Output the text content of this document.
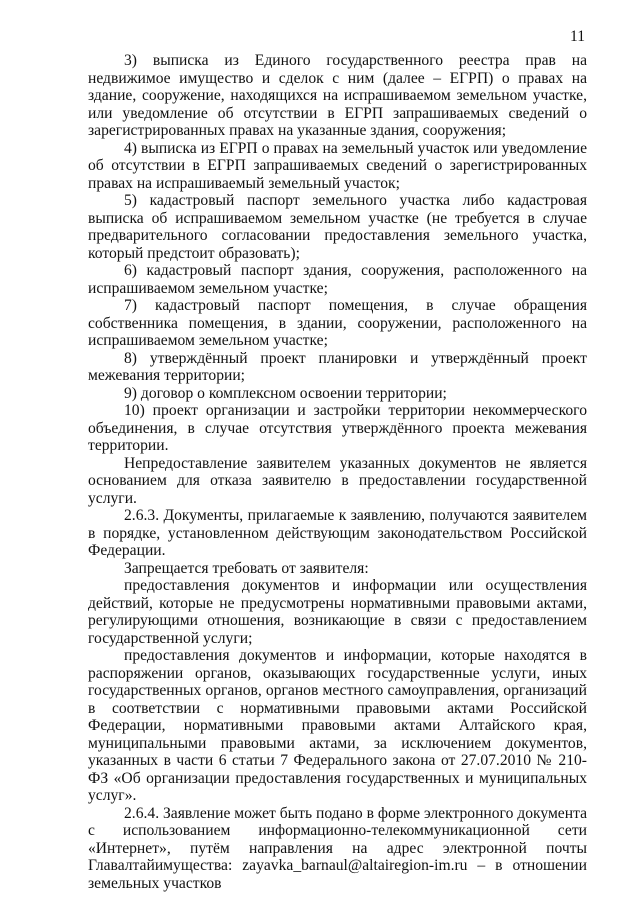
11

3) выписка из Единого государственного реестра прав на недвижимое имущество и сделок с ним (далее – ЕГРП) о правах на здание, сооружение, находящихся на испрашиваемом земельном участке, или уведомление об отсутствии в ЕГРП запрашиваемых сведений о зарегистрированных правах на указанные здания, сооружения;

4) выписка из ЕГРП о правах на земельный участок или уведомление об отсутствии в ЕГРП запрашиваемых сведений о зарегистрированных правах на испрашиваемый земельный участок;

5) кадастровый паспорт земельного участка либо кадастровая выписка об испрашиваемом земельном участке (не требуется в случае предварительного согласовании предоставления земельного участка, который предстоит образовать);

6) кадастровый паспорт здания, сооружения, расположенного на испрашиваемом земельном участке;

7) кадастровый паспорт помещения, в случае обращения собственника помещения, в здании, сооружении, расположенного на испрашиваемом земельном участке;

8) утверждённый проект планировки и утверждённый проект межевания территории;

9) договор о комплексном освоении территории;

10) проект организации и застройки территории некоммерческого объединения, в случае отсутствия утверждённого проекта межевания территории.

Непредоставление заявителем указанных документов не является основанием для отказа заявителю в предоставлении государственной услуги.

2.6.3. Документы, прилагаемые к заявлению, получаются заявителем в порядке, установленном действующим законодательством Российской Федерации.

Запрещается требовать от заявителя:

предоставления документов и информации или осуществления действий, которые не предусмотрены нормативными правовыми актами, регулирующими отношения, возникающие в связи с предоставлением государственной услуги;

предоставления документов и информации, которые находятся в распоряжении органов, оказывающих государственные услуги, иных государственных органов, органов местного самоуправления, организаций в соответствии с нормативными правовыми актами Российской Федерации, нормативными правовыми актами Алтайского края, муниципальными правовыми актами, за исключением документов, указанных в части 6 статьи 7 Федерального закона от 27.07.2010 № 210-ФЗ «Об организации предоставления государственных и муниципальных услуг».

2.6.4. Заявление может быть подано в форме электронного документа с использованием информационно-телекоммуникационной сети «Интернет», путём направления на адрес электронной почты Главалтайимущества: zayavka_barnaul@altairegion-im.ru – в отношении земельных участков
